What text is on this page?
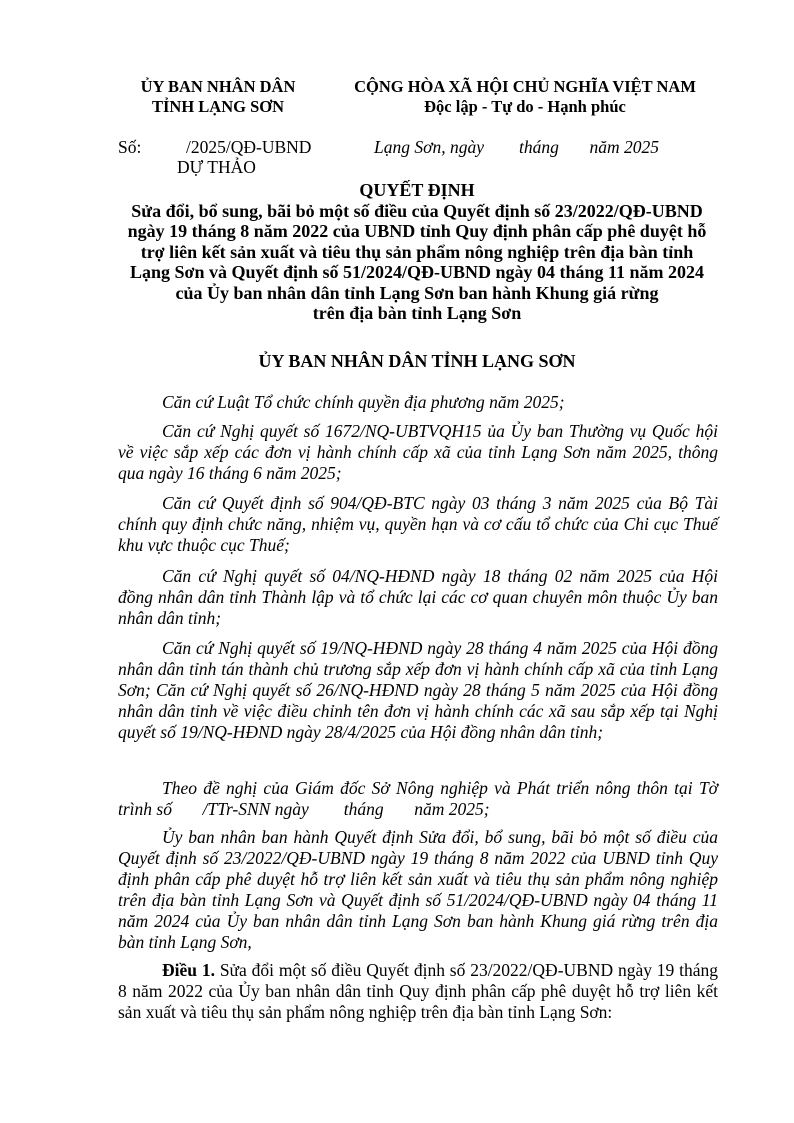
ỦY BAN NHÂN DÂN
TỈNH LẠNG SƠN
CỘNG HÒA XÃ HỘI CHỦ NGHĨA VIỆT NAM
Độc lập - Tự do - Hạnh phúc
Số:	/2025/QĐ-UBND	Lạng Sơn, ngày        tháng       năm 2025
DỰ THẢO
QUYẾT ĐỊNH
Sửa đổi, bổ sung, bãi bỏ một số điều của Quyết định số 23/2022/QĐ-UBND
ngày 19 tháng 8 năm 2022 của UBND tỉnh Quy định phân cấp phê duyệt hỗ
trợ liên kết sản xuất và tiêu thụ sản phẩm nông nghiệp trên địa bàn tỉnh
Lạng Sơn và Quyết định số 51/2024/QĐ-UBND ngày 04 tháng 11 năm 2024
của Ủy ban nhân dân tỉnh Lạng Sơn ban hành Khung giá rừng
trên địa bàn tỉnh Lạng Sơn
ỦY BAN NHÂN DÂN TỈNH LẠNG SƠN

Căn cứ Luật Tổ chức chính quyền địa phương năm 2025;

Căn cứ Nghị quyết số 1672/NQ-UBTVQH15 ủa Ủy ban Thường vụ Quốc hội về việc sắp xếp các đơn vị hành chính cấp xã của tỉnh Lạng Sơn năm 2025, thông qua ngày 16 tháng 6 năm 2025;

Căn cứ Quyết định số 904/QĐ-BTC ngày 03 tháng 3 năm 2025 của Bộ Tài chính quy định chức năng, nhiệm vụ, quyền hạn và cơ cấu tổ chức của Chi cục Thuế khu vực thuộc cục Thuế;

Căn cứ Nghị quyết số 04/NQ-HĐND ngày 18 tháng 02 năm 2025 của Hội đồng nhân dân tỉnh Thành lập và tổ chức lại các cơ quan chuyên môn thuộc Ủy ban nhân dân tỉnh;

Căn cứ Nghị quyết số 19/NQ-HĐND ngày 28 tháng 4 năm 2025 của Hội đồng nhân dân tỉnh tán thành chủ trương sắp xếp đơn vị hành chính cấp xã của tỉnh Lạng Sơn; Căn cứ Nghị quyết số 26/NQ-HĐND ngày 28 tháng 5 năm 2025 của Hội đồng nhân dân tỉnh về việc điều chỉnh tên đơn vị hành chính các xã sau sắp xếp tại Nghị quyết số 19/NQ-HĐND ngày 28/4/2025 của Hội đồng nhân dân tỉnh;

Theo đề nghị của Giám đốc Sở Nông nghiệp và Phát triển nông thôn tại Tờ trình số /TTr-SNN ngày tháng năm 2025;

Ủy ban nhân ban hành Quyết định Sửa đổi, bổ sung, bãi bỏ một số điều của Quyết định số 23/2022/QĐ-UBND ngày 19 tháng 8 năm 2022 của UBND tỉnh Quy định phân cấp phê duyệt hỗ trợ liên kết sản xuất và tiêu thụ sản phẩm nông nghiệp trên địa bàn tỉnh Lạng Sơn và Quyết định số 51/2024/QĐ-UBND ngày 04 tháng 11 năm 2024 của Ủy ban nhân dân tỉnh Lạng Sơn ban hành Khung giá rừng trên địa bàn tỉnh Lạng Sơn,

Điều 1. Sửa đổi một số điều Quyết định số 23/2022/QĐ-UBND ngày 19 tháng 8 năm 2022 của Ủy ban nhân dân tỉnh Quy định phân cấp phê duyệt hỗ trợ liên kết sản xuất và tiêu thụ sản phẩm nông nghiệp trên địa bàn tỉnh Lạng Sơn:
